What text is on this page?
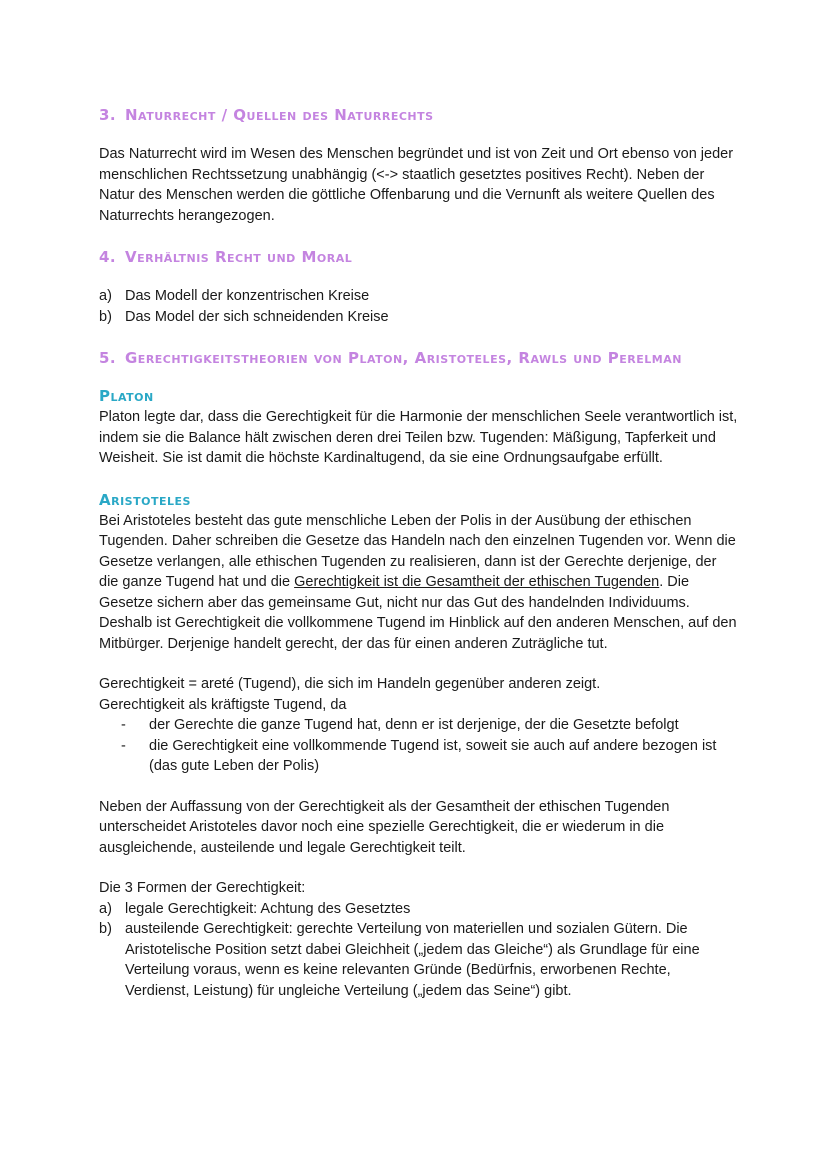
3. Naturrecht / Quellen des Naturrechts

Das Naturrecht wird im Wesen des Menschen begründet und ist von Zeit und Ort ebenso von jeder menschlichen Rechtssetzung unabhängig (<-> staatlich gesetztes positives Recht). Neben der Natur des Menschen werden die göttliche Offenbarung und die Vernunft als weitere Quellen des Naturrechts herangezogen.

4. Verhältnis Recht und Moral
a) Das Modell der konzentrischen Kreise
b) Das Model der sich schneidenden Kreise
5. Gerechtigkeitstheorien von Platon, Aristoteles, Rawls und Perelman
Platon

Platon legte dar, dass die Gerechtigkeit für die Harmonie der menschlichen Seele verantwortlich ist, indem sie die Balance hält zwischen deren drei Teilen bzw. Tugenden: Mäßigung, Tapferkeit und Weisheit. Sie ist damit die höchste Kardinaltugend, da sie eine Ordnungsaufgabe erfüllt.

Aristoteles

Bei Aristoteles besteht das gute menschliche Leben der Polis in der Ausübung der ethischen Tugenden. Daher schreiben die Gesetze das Handeln nach den einzelnen Tugenden vor. Wenn die Gesetze verlangen, alle ethischen Tugenden zu realisieren, dann ist der Gerechte derjenige, der die ganze Tugend hat und die Gerechtigkeit ist die Gesamtheit der ethischen Tugenden. Die Gesetze sichern aber das gemeinsame Gut, nicht nur das Gut des handelnden Individuums. Deshalb ist Gerechtigkeit die vollkommene Tugend im Hinblick auf den anderen Menschen, auf den Mitbürger. Derjenige handelt gerecht, der das für einen anderen Zuträgliche tut.

Gerechtigkeit = areté (Tugend), die sich im Handeln gegenüber anderen zeigt.

Gerechtigkeit als kräftigste Tugend, da

-	der Gerechte die ganze Tugend hat, denn er ist derjenige, der die Gesetzte befolgt
-	die Gerechtigkeit eine vollkommende Tugend ist, soweit sie auch auf andere bezogen ist (das gute Leben der Polis)

Neben der Auffassung von der Gerechtigkeit als der Gesamtheit der ethischen Tugenden unterscheidet Aristoteles davor noch eine spezielle Gerechtigkeit, die er wiederum in die ausgleichende, austeilende und legale Gerechtigkeit teilt.

Die 3 Formen der Gerechtigkeit:

a) legale Gerechtigkeit: Achtung des Gesetztes
b) austeilende Gerechtigkeit: gerechte Verteilung von materiellen und sozialen Gütern. Die Aristotelische Position setzt dabei Gleichheit („jedem das Gleiche“) als Grundlage für eine Verteilung voraus, wenn es keine relevanten Gründe (Bedürfnis, erworbenen Rechte, Verdienst, Leistung) für ungleiche Verteilung („jedem das Seine“) gibt.
